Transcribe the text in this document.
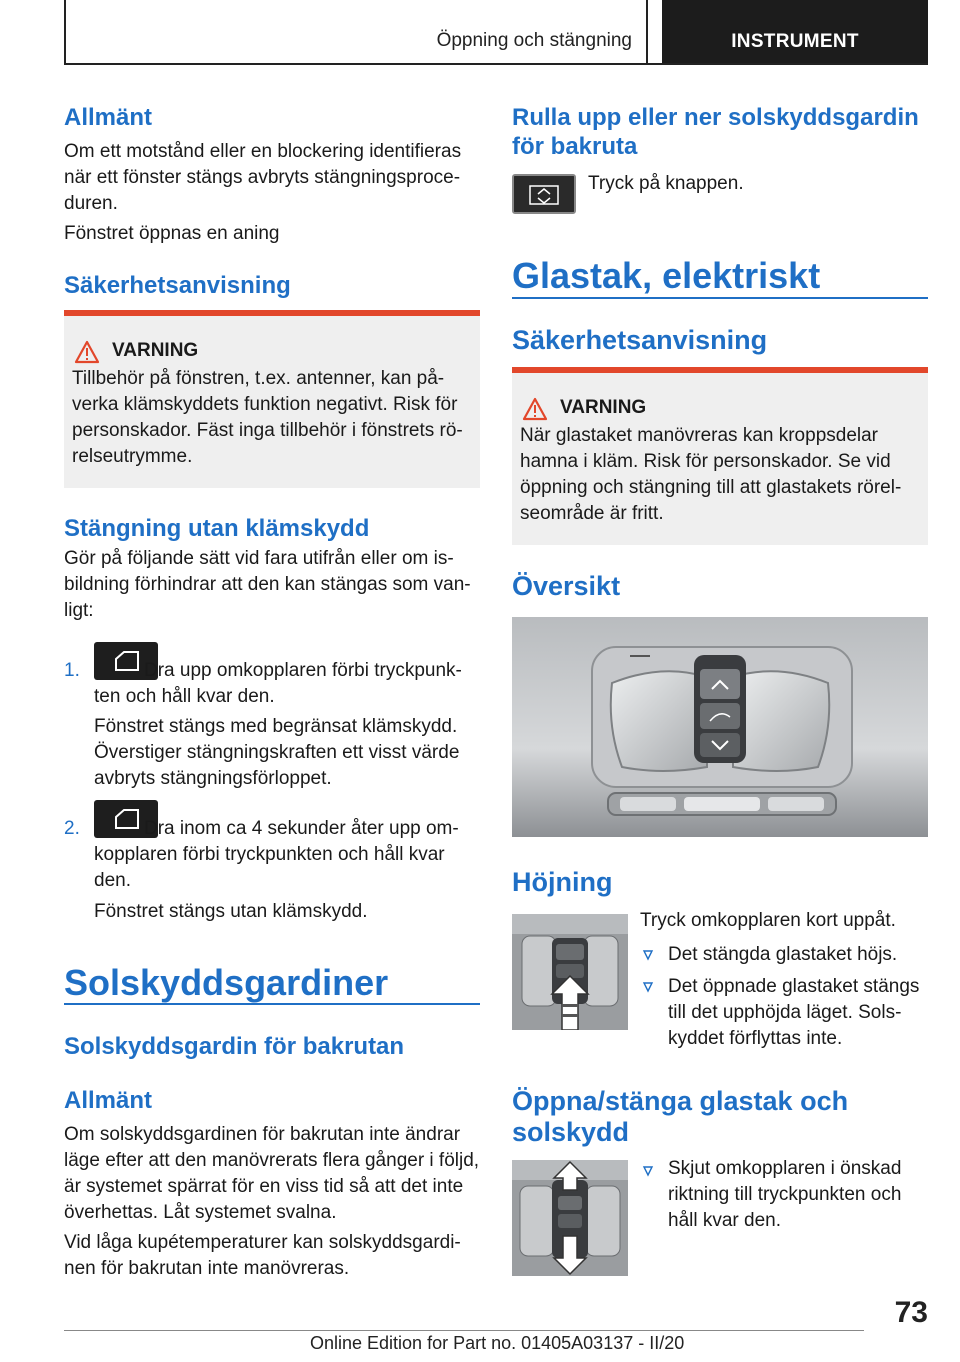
Öppning och stängning	INSTRUMENT
Allmänt
Om ett motstånd eller en blockering identifieras när ett fönster stängs avbryts stängningsproce-duren.
Fönstret öppnas en aning
Säkerhetsanvisning
VARNING
Tillbehör på fönstren, t.ex. antenner, kan på-verka klämskyddets funktion negativt. Risk för personskador. Fäst inga tillbehör i fönstrets rö-relseutrymme.
Stängning utan klämskydd
Gör på följande sätt vid fara utifrån eller om is-bildning förhindrar att den kan stängas som van-ligt:
1.	Dra upp omkopplaren förbi tryckpunk-ten och håll kvar den.
Fönstret stängs med begränsat klämskydd. Överstiger stängningskraften ett visst värde avbryts stängningsförloppet.
2.	Dra inom ca 4 sekunder åter upp om-kopplaren förbi tryckpunkten och håll kvar den.
Fönstret stängs utan klämskydd.
Solskyddsgardiner
Solskyddsgardin för bakrutan
Allmänt
Om solskyddsgardinen för bakrutan inte ändrar läge efter att den manövrerats flera gånger i följd, är systemet spärrat för en viss tid så att det inte överhettas. Låt systemet svalna.
Vid låga kupétemperaturer kan solskyddsgardi-nen för bakrutan inte manövreras.
Rulla upp eller ner solskyddsgardin för bakruta
Tryck på knappen.
Glastak, elektriskt
Säkerhetsanvisning
VARNING
När glastaket manövreras kan kroppsdelar hamna i kläm. Risk för personskador. Se vid öppning och stängning till att glastakets rörel-seområde är fritt.
Översikt
Höjning
Tryck omkopplaren kort uppåt.
Det stängda glastaket höjs.
Det öppnade glastaket stängs till det upphöjda läget. Sols-kyddet förflyttas inte.
Öppna/stänga glastak och solskydd
Skjut omkopplaren i önskad riktning till tryckpunkten och håll kvar den.
73
Online Edition for Part no. 01405A03137 - II/20
